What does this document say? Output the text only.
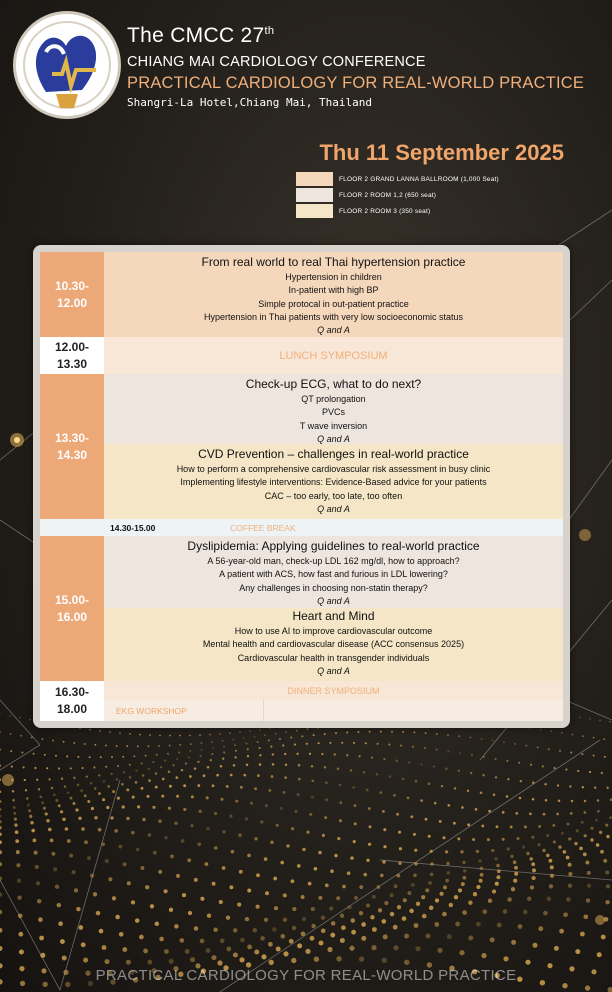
The CMCC 27th
CHIANG MAI CARDIOLOGY CONFERENCE
PRACTICAL CARDIOLOGY FOR REAL-WORLD PRACTICE
Shangri-La Hotel,Chiang Mai, Thailand
Thu 11 September 2025
FLOOR 2 GRAND LANNA BALLROOM (1,000 Seat)
FLOOR 2 ROOM 1,2 (650 seat)
FLOOR 2 ROOM 3 (350 seat)
10.30-
12.00
From real world to real Thai hypertension practice
Hypertension in children
In-patient with high BP
Simple protocal in out-patient practice
Hypertension in Thai patients with very low socioeconomic status
Q and A
12.00-
13.30
LUNCH SYMPOSIUM
13.30-
14.30
Check-up ECG, what to do next?
QT prolongation
PVCs
T wave inversion
Q and A
CVD Prevention – challenges in real-world practice
How to perform a comprehensive cardiovascular risk assessment in busy clinic
Implementing lifestyle interventions: Evidence-Based advice for your patients
CAC – too early, too late, too often
Q and A
14.30-15.00	COFFEE BREAK
15.00-
16.00
Dyslipidemia: Applying guidelines to real-world practice
A 56-year-old man, check-up LDL 162 mg/dl, how to approach?
A patient with ACS, how fast and furious in LDL lowering?
Any challenges in choosing non-statin therapy?
Q and A
Heart and Mind
How to use AI to improve cardiovascular outcome
Mental health and cardiovascular disease (ACC consensus 2025)
Cardiovascular health in transgender individuals
Q and A
16.30-
18.00
DINNER SYMPOSIUM
EKG WORKSHOP
PRACTICAL CARDIOLOGY FOR REAL-WORLD PRACTICE
